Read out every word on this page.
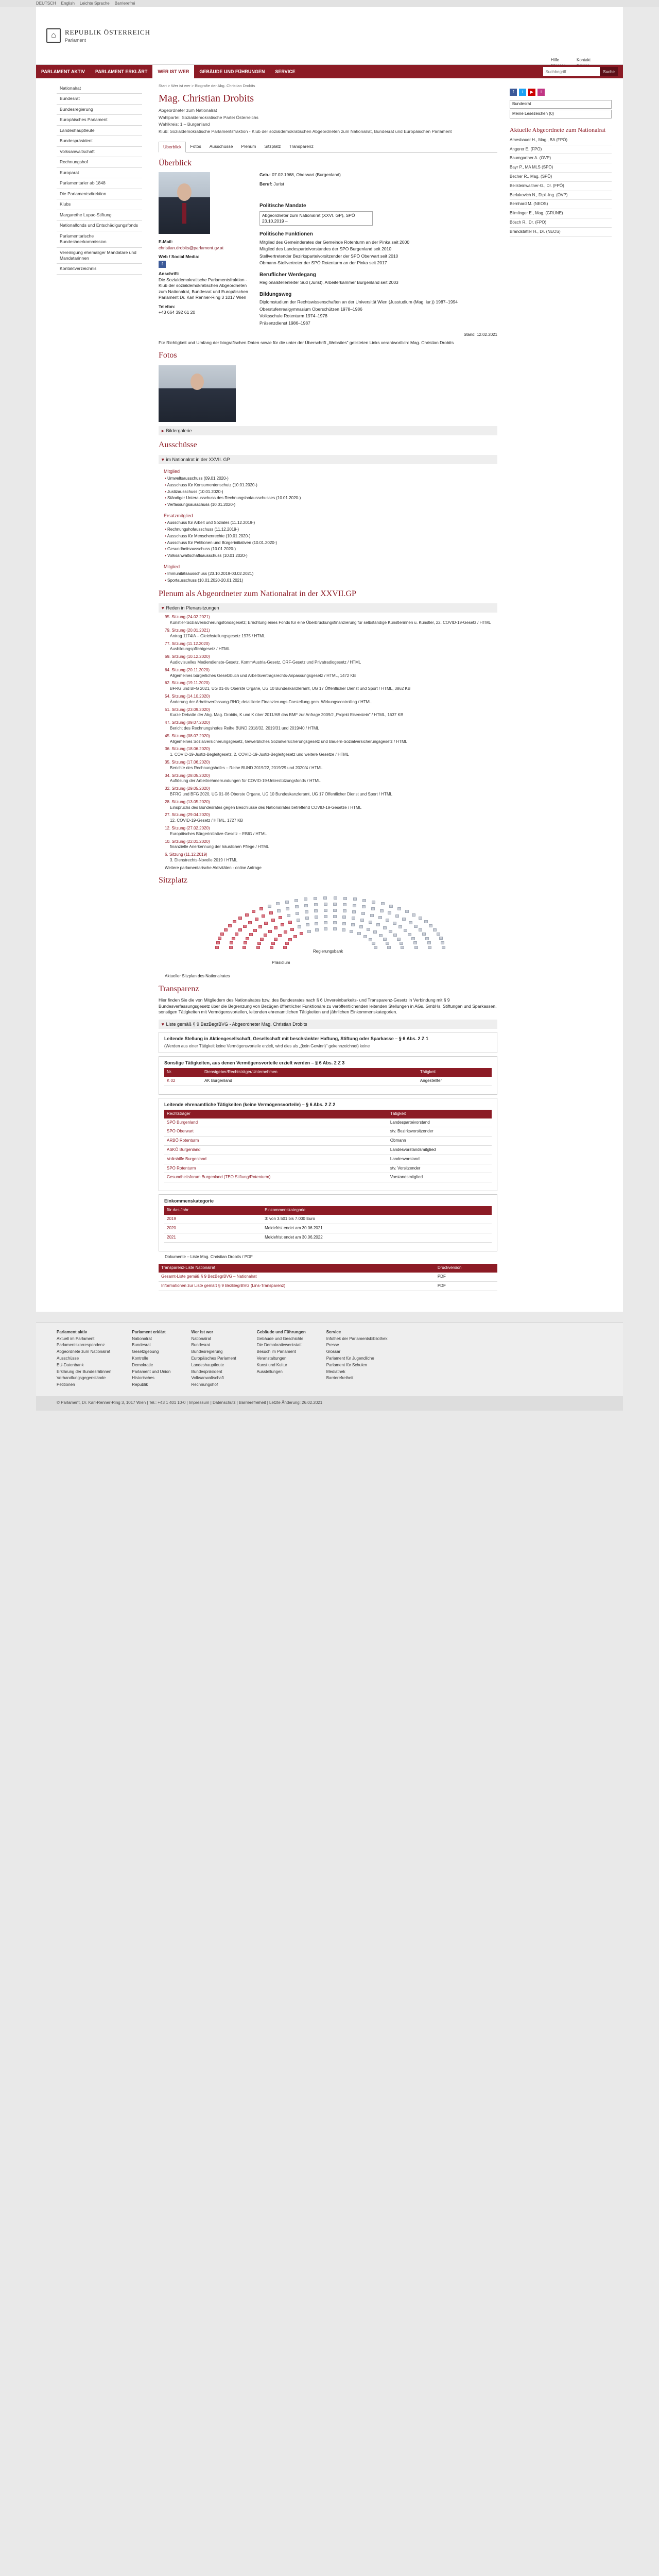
DEUTSCH English Leichte Sprache Barrierefrei
⌂	REPUBLIK ÖSTERREICH
Parlament
Hilfe	Kontakt
PARLAMENT AKTIV	PARLAMENT ERKLÄRT	WER IST WER	GEBÄUDE UND FÜHRUNGEN	SERVICE
Suchbegriff	Suche
Nationalrat
Bundesrat
Bundesregierung
Europäisches Parlament
Landeshauptleute
Bundespräsident
Volksanwaltschaft
Rechnungshof
Europarat
Parlamentarier ab 1848
Die Parlamentsdirektion
Klubs
Margarethe Lupac-Stiftung
Nationalfonds und Entschädigungsfonds
Parlamentarische Bundesheerkommission
Vereinigung ehemaliger Mandatare und Mandatarinnen
Kontaktverzeichnis
Start > Wer ist wer > Biografie der Abg. Christian Drobits
Mag. Christian Drobits
Abgeordneter zum Nationalrat
Wahlpartei: Sozialdemokratische Partei Österreichs
Wahlkreis: 1 – Burgenland
Klub: Sozialdemokratische Parlamentsfraktion - Klub der sozialdemokratischen Abgeordneten zum Nationalrat, Bundesrat und Europäischen Parlament
Überblick	Fotos	Ausschüsse	Plenum	Sitzplatz	Transparenz
Überblick
E-Mail:
christian.drobits@parlament.gv.at
Web / Social Media:
f
Anschrift:
Die Sozialdemokratische Parlamentsfraktion - Klub der sozialdemokratischen Abgeordneten zum Nationalrat, Bundesrat und Europäischen Parlament Dr. Karl Renner-Ring 3 1017 Wien
Telefon:
+43 664 392 61 20
Geb.: 07.02.1968, Oberwart (Burgenland)
Beruf: Jurist
Politische Mandate
Abgeordneter zum Nationalrat (XXVI. GP), SPÖ 23.10.2019 –
Politische Funktionen
Mitglied des Gemeinderates der Gemeinde Rotenturm an der Pinka seit 2000
Mitglied des Landesparteivorstandes der SPÖ Burgenland seit 2010
Stellvertretender Bezirksparteivorsitzender der SPÖ Oberwart seit 2010
Obmann-Stellvertreter der SPÖ Rotenturm an der Pinka seit 2017
Beruflicher Werdegang
Regionalstellenleiter Süd (Jurist), Arbeiterkammer Burgenland seit 2003
Bildungsweg
Diplomstudium der Rechtswissenschaften an der Universität Wien (Jusstudium (Mag. iur.)) 1987–1994
Oberstufenrealgymnasium Oberschützen 1978–1986
Volksschule Rotenturm 1974–1978
Präsenzdienst 1986–1987
Stand: 12.02.2021
Für Richtigkeit und Umfang der biografischen Daten sowie für die unter der Überschrift „Websites" gelisteten Links verantwortlich: Mag. Christian Drobits
Fotos
▸ Bildergalerie
Ausschüsse
▾ im Nationalrat in der XXVII. GP
Mitglied
• Umweltsausschuss (09.01.2020-)
• Ausschuss für Konsumentenschutz (10.01.2020-)
• Justizausschuss (10.01.2020-)
• Ständiger Unterausschuss des Rechnungshofausschusses (10.01.2020-)
• Verfassungsausschuss (10.01.2020-)
Ersatzmitglied
• Ausschuss für Arbeit und Soziales (11.12.2019-)
• Rechnungshofausschuss (11.12.2019-)
• Ausschuss für Menschenrechte (10.01.2020-)
• Ausschuss für Petitionen und Bürgerinitiativen (10.01.2020-)
• Gesundheitsausschuss (10.01.2020-)
• Volksanwaltschaftsausschuss (10.01.2020-)
Mitglied
• Immunitätsausschuss (23.10.2019-03.02.2021)
• Sportausschuss (10.01.2020-20.01.2021)
Plenum als Abgeordneter zum Nationalrat in der XXVII.GP
▾ Reden in Plenarsitzungen
95. Sitzung (24.02.2021)
Künstler-Sozialversicherungsfondsgesetz; Errichtung eines Fonds für eine Überbrückungsfinanzierung für selbständige Künstlerinnen u. Künstler, 22. COVID-19-Gesetz / HTML
79. Sitzung (20.01.2021)
Antrag 1174/A – Gleichstellungsgesetz 1975 / HTML
77. Sitzung (11.12.2020)
Ausbildungspflichtgesetz / HTML
69. Sitzung (10.12.2020)
Audiovisuelles Mediendienste-Gesetz, KommAustria-Gesetz, ORF-Gesetz und Privatradiogesetz / HTML
64. Sitzung (20.11.2020)
Allgemeines bürgerliches Gesetzbuch und Arbeitsvertragsrechts-Anpassungsgesetz / HTML, 1472 KB
62. Sitzung (19.11.2020)
BFRG und BFG 2021, UG 01-06 Oberste Organe, UG 10 Bundeskanzleramt, UG 17 Öffentlicher Dienst und Sport / HTML, 3862 KB
54. Sitzung (14.10.2020)
Änderung der Arbeitsverfassung-RHO; detaillierte Finanzierungs-Darstellung gem. Wirkungscontrolling / HTML
51. Sitzung (23.09.2020)
Kurze Debatte der Abg. Mag. Drobits, K und K über 2011/AB das BMF zur Anfrage 2009/J „Projekt Eisenstein" / HTML, 1637 KB
47. Sitzung (09.07.2020)
Bericht des Rechnungshofes Reihe BUND 2018/32, 2019/31 und 2019/40 / HTML
45. Sitzung (08.07.2020)
Allgemeines Sozialversicherungsgesetz, Gewerbliches Sozialversicherungsgesetz und Bauern-Sozialversicherungsgesetz / HTML
36. Sitzung (18.06.2020)
1. COVID-19-Justiz-Begleitgesetz, 2. COVID-19-Justiz-Begleitgesetz und weitere Gesetze / HTML
35. Sitzung (17.06.2020)
Berichte des Rechnungshofes – Reihe BUND 2019/22, 2019/29 und 2020/4 / HTML
34. Sitzung (28.05.2020)
Auflösung der Arbeitnehmerrundungen für COVID-19-Unterstützungsfonds / HTML
32. Sitzung (29.05.2020)
BFRG und BFG 2020, UG 01-06 Oberste Organe, UG 10 Bundeskanzleramt, UG 17 Öffentlicher Dienst und Sport / HTML
28. Sitzung (13.05.2020)
Einspruchs des Bundesrates gegen Beschlüsse des Nationalrates betreffend COVID-19-Gesetze / HTML
27. Sitzung (29.04.2020)
12. COVID-19-Gesetz / HTML, 1727 KB
12. Sitzung (27.02.2020)
Europäisches Bürgerinitiative-Gesetz – EBIG / HTML
10. Sitzung (22.01.2020)
finanzielle Anerkennung der häuslichen Pflege / HTML
6. Sitzung (11.12.2019)
3. Dienstrechts-Novelle 2019 / HTML
Weitere parlamentarische Aktivitäten - online Anfrage
Sitzplatz
Regierungsbank
Präsidium
Aktueller Sitzplan des Nationalrates
Transparenz
Hier finden Sie die von Mitgliedern des Nationalrates bzw. des Bundesrates nach § 6 Unvereinbarkeits- und Transparenz-Gesetz in Verbindung mit § 9 Bundesverfassungsgesetz über die Begrenzung von Bezügen öffentlicher Funktionäre zu veröffentlichenden leitenden Stellungen in AGs, GmbHs, Stiftungen und Sparkassen, sonstigen Tätigkeiten mit Vermögensvorteilen, leitenden ehrenamtlichen Tätigkeiten und jährlichen Einkommenskategorien.
▾ Liste gemäß § 9 BezBegrBVG - Abgeordneter Mag. Christian Drobits
Leitende Stellung in Aktiengesellschaft, Gesellschaft mit beschränkter Haftung, Stiftung oder Sparkasse – § 6 Abs. 2 Z 1
(Werden aus einer Tätigkeit keine Vermögensvorteile erzielt, wird dies als „(kein Gewinn)" gekennzeichnet) keine
Sonstige Tätigkeiten, aus denen Vermögensvorteile erzielt werden – § 6 Abs. 2 Z 3
Nr.	Dienstgeber/Rechtsträger/Unternehmen	Tätigkeit
K 02	AK Burgenland	Angestellter
Leitende ehrenamtliche Tätigkeiten (keine Vermögensvorteile) – § 6 Abs. 2 Z 2
Rechtsträger	Tätigkeit
SPÖ Burgenland	Landesparteivorstand
SPÖ Oberwart	stv. Bezirksvorsitzender
ARBÖ Rotenturm	Obmann
ASKÖ Burgenland	Landesvorstandsmitglied
Volkshilfe Burgenland	Landesvorstand
SPÖ Rotenturm	stv. Vorsitzender
Gesundheitsforum Burgenland (TEO Stiftung/Rotenturm)	Vorstandsmitglied
Einkommenskategorie
für das Jahr	Einkommenskategorie
2019	3: von 3.501 bis 7.000 Euro
2020	Meldefrist endet am 30.06.2021
2021	Meldefrist endet am 30.06.2022
Dokumente – Liste Mag. Christian Drobits / PDF
Transparenz-Liste Nationalrat	Druckversion
Gesamt-Liste gemäß § 9 BezBegrBVG – Nationalrat	PDF
Informationen zur Liste gemäß § 9 BezBegrBVG (Lins-Transparenz)	PDF
f	t	▶	i
Bundesrat
Meine Lesezeichen (0)
Aktuelle Abgeordnete zum Nationalrat
Amesbauer H., Mag., BA (FPÖ)
Angerer E. (FPÖ)
Baumgartner A. (ÖVP)
Bayr P., MA MLS (SPÖ)
Becher R., Mag. (SPÖ)
Beilsteinwaltner-G., Dr. (FPÖ)
Berlakovich N., Dipl.-Ing. (ÖVP)
Bernhard M. (NEOS)
Blimlinger E., Mag. (GRÜNE)
Bösch R., Dr. (FPÖ)
Brandstätter H., Dr. (NEOS)
Parlament aktiv
Aktuell im Parlament
Parlamentskorrespondenz
Abgeordnete zum Nationalrat
Ausschüsse
EU-Datenbank
Erklärung der Bundesrätinnen
Verhandlungsgegenstände
Petitionen
Parlament erklärt
Nationalrat
Bundesrat
Gesetzgebung
Kontrolle
Demokratie
Parlament und Union
Historisches
Republik
Wer ist wer
Nationalrat
Bundesrat
Bundesregierung
Europäisches Parlament
Landeshauptleute
Bundespräsident
Volksanwaltschaft
Rechnungshof
Gebäude und Führungen
Gebäude und Geschichte
Die Demokratiewerkstatt
Besuch im Parlament
Veranstaltungen
Kunst und Kultur
Ausstellungen
Service
Infothek der Parlamentsbibliothek
Presse
Glossar
Parlament für Jugendliche
Parlament für Schulen
Mediathek
Barrierefreiheit
© Parlament, Dr. Karl-Renner-Ring 3, 1017 Wien | Tel.: +43 1 401 10-0 | Impressum | Datenschutz | Barrierefreiheit | Letzte Änderung: 26.02.2021
